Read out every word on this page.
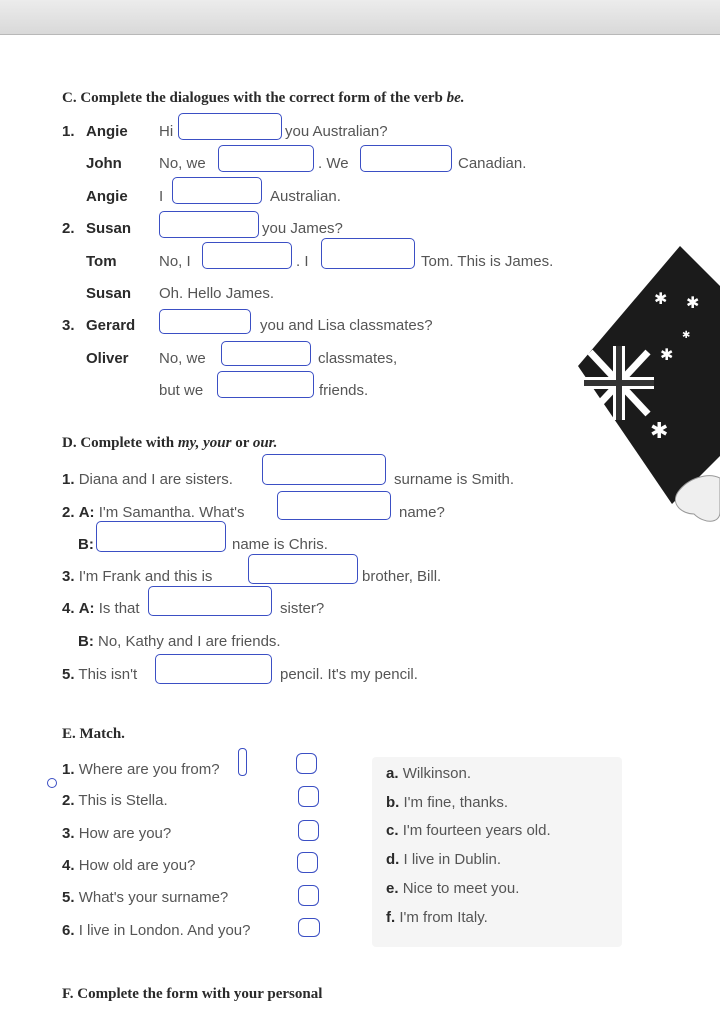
C. Complete the dialogues with the correct form of the verb be.
1. Angie Hi	you Australian?
John No, we	. We	Canadian.
Angie I	Australian.
2. Susan	you James?
Tom	No, I	. I	Tom. This is James.
Susan Oh. Hello James.
3. Gerard	you and Lisa classmates?
Oliver No, we	classmates,
but we	friends.
✱ ✱
✱
✱
✱
D. Complete with my, your or our.
1. Diana and I are sisters.	surname is Smith.
2. A: I'm Samantha. What's	name?
B:	name is Chris.
3. I'm Frank and this is	brother, Bill.
4. A: Is that	sister?
B: No, Kathy and I are friends.
5. This isn't	pencil. It's my pencil.
E. Match.
1. Where are you from?
2. This is Stella.
3. How are you?
4. How old are you?
5. What's your surname?
6. I live in London. And you?
a. Wilkinson.
b. I'm fine, thanks.
c. I'm fourteen years old.
d. I live in Dublin.
e. Nice to meet you.
f. I'm from Italy.
F. Complete the form with your personal
